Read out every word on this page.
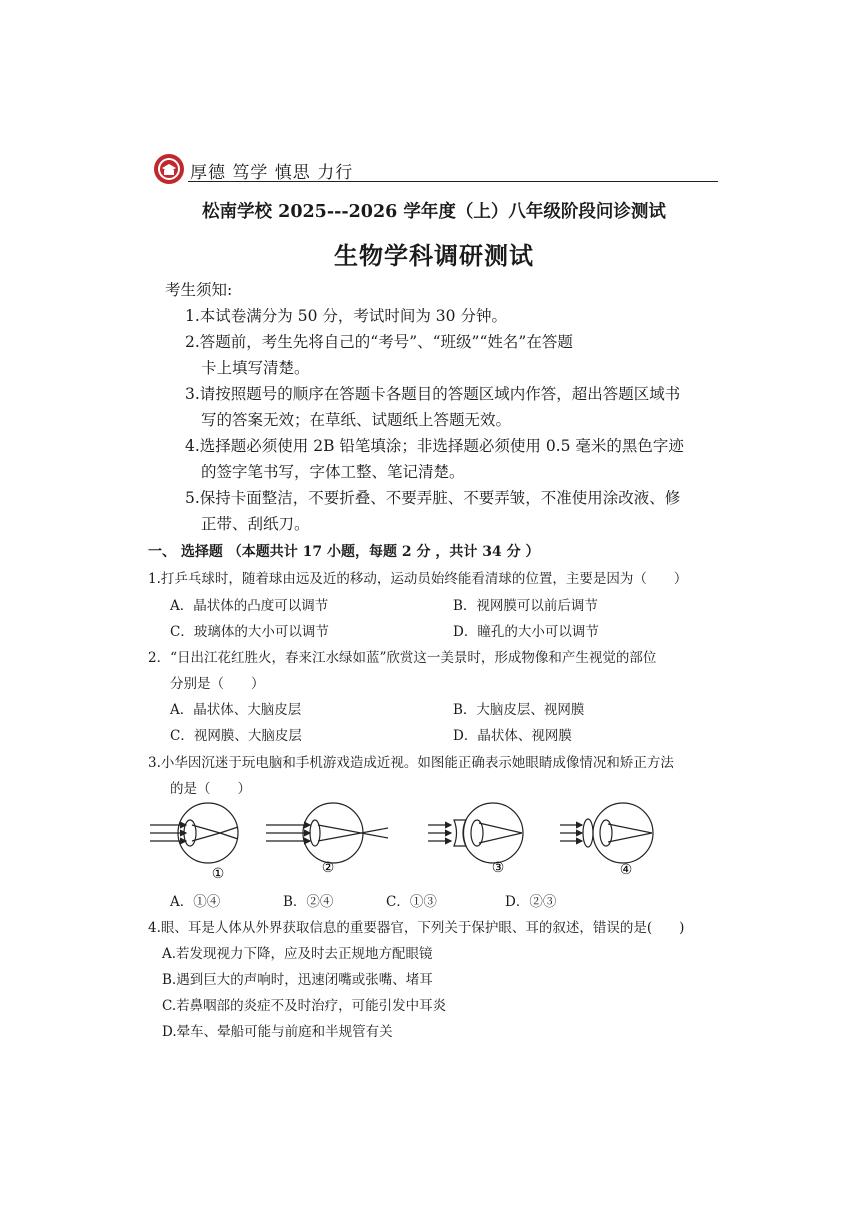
厚德 笃学 慎思 力行
松南学校 2025---2026 学年度（上）八年级阶段问诊测试
生物学科调研测试
考生须知:
1.本试卷满分为 50 分，考试时间为 30 分钟。
2.答题前，考生先将自己的“考号”、“班级”“姓名”在答题
卡上填写清楚。
3.请按照题号的顺序在答题卡各题目的答题区域内作答，超出答题区域书
写的答案无效；在草纸、试题纸上答题无效。
4.选择题必须使用 2B 铅笔填涂；非选择题必须使用 0.5 毫米的黑色字迹
的签字笔书写，字体工整、笔记清楚。
5.保持卡面整洁，不要折叠、不要弄脏、不要弄皱，不准使用涂改液、修
正带、刮纸刀。
一、 选择题 （本题共计 17 小题，每题 2 分 ，共计 34 分 ）
1.打乒乓球时，随着球由远及近的移动，运动员始终能看清球的位置，主要是因为（　　）
A．晶状体的凸度可以调节	B．视网膜可以前后调节
C．玻璃体的大小可以调节	D．瞳孔的大小可以调节
2．“日出江花红胜火，春来江水绿如蓝”欣赏这一美景时，形成物像和产生视觉的部位
分别是（　　）
A．晶状体、大脑皮层	B．大脑皮层、视网膜
C．视网膜、大脑皮层	D．晶状体、视网膜
3.小华因沉迷于玩电脑和手机游戏造成近视。如图能正确表示她眼睛成像情况和矫正方法
的是（　　）
①	②	③	④
A．①④	B．②④	C．①③	D．②③
4.眼、耳是人体从外界获取信息的重要器官，下列关于保护眼、耳的叙述，错误的是(　　)
A.若发现视力下降，应及时去正规地方配眼镜
B.遇到巨大的声响时，迅速闭嘴或张嘴、堵耳
C.若鼻咽部的炎症不及时治疗，可能引发中耳炎
D.晕车、晕船可能与前庭和半规管有关
